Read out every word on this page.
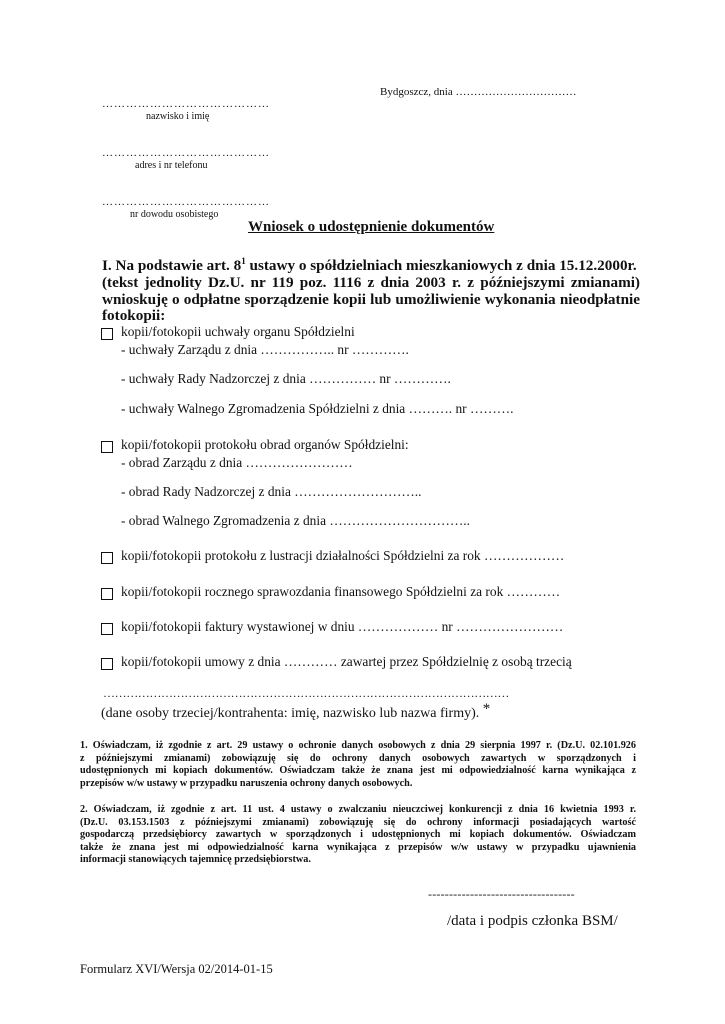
Bydgoszcz, dnia ……………………………
……………………………………
nazwisko i imię
……………………………………
adres i nr telefonu
……………………………………
nr dowodu osobistego
Wniosek o udostępnienie dokumentów
I. Na podstawie art. $8^1$ ustawy o spółdzielniach mieszkaniowych z dnia 15.12.2000r.
(tekst jednolity Dz.U. nr 119 poz. 1116 z dnia 2003 r. z późniejszymi zmianami)
wnioskuję o odpłatne sporządzenie kopii lub umożliwienie wykonania nieodpłatnie
fotokopii:
kopii/fotokopii uchwały organu Spółdzielni
- uchwały Zarządu z dnia …………….. nr ………….
- uchwały Rady Nadzorczej z dnia …………… nr ………….
- uchwały Walnego Zgromadzenia Spółdzielni z dnia ………. nr ……….
kopii/fotokopii protokołu obrad organów Spółdzielni:
- obrad Zarządu z dnia ……………………
- obrad Rady Nadzorczej z dnia ………………………..
- obrad Walnego Zgromadzenia z dnia …………………………..
kopii/fotokopii protokołu z lustracji działalności Spółdzielni za rok ………………
kopii/fotokopii rocznego sprawozdania finansowego Spółdzielni za rok …………
kopii/fotokopii faktury wystawionej w dniu ……………… nr ……………………
kopii/fotokopii umowy z dnia ………… zawartej przez Spółdzielnię z osobą trzecią
……………………………………………………………………………………………
(dane osoby trzeciej/kontrahenta: imię, nazwisko lub nazwa firmy). *
1. Oświadczam, iż zgodnie z art. 29 ustawy o ochronie danych osobowych z dnia 29 sierpnia 1997 r. (Dz.U. 02.101.926
z późniejszymi zmianami) zobowiązuję się do ochrony danych osobowych zawartych w sporządzonych i
udostępnionych mi kopiach dokumentów. Oświadczam także że znana jest mi odpowiedzialność karna wynikająca z
przepisów w/w ustawy w przypadku naruszenia ochrony danych osobowych.
2. Oświadczam, iż zgodnie z art. 11 ust. 4 ustawy o zwalczaniu nieuczciwej konkurencji z dnia 16 kwietnia 1993 r.
(Dz.U. 03.153.1503 z późniejszymi zmianami) zobowiązuję się do ochrony informacji posiadających wartość
gospodarczą przedsiębiorcy zawartych w sporządzonych i udostępnionych mi kopiach dokumentów. Oświadczam
także że znana jest mi odpowiedzialność karna wynikająca z przepisów w/w ustawy w przypadku ujawnienia
informacji stanowiących tajemnicę przedsiębiorstwa.
-----------------------------------
/data i podpis członka BSM/
Formularz XVI/Wersja 02/2014-01-15
